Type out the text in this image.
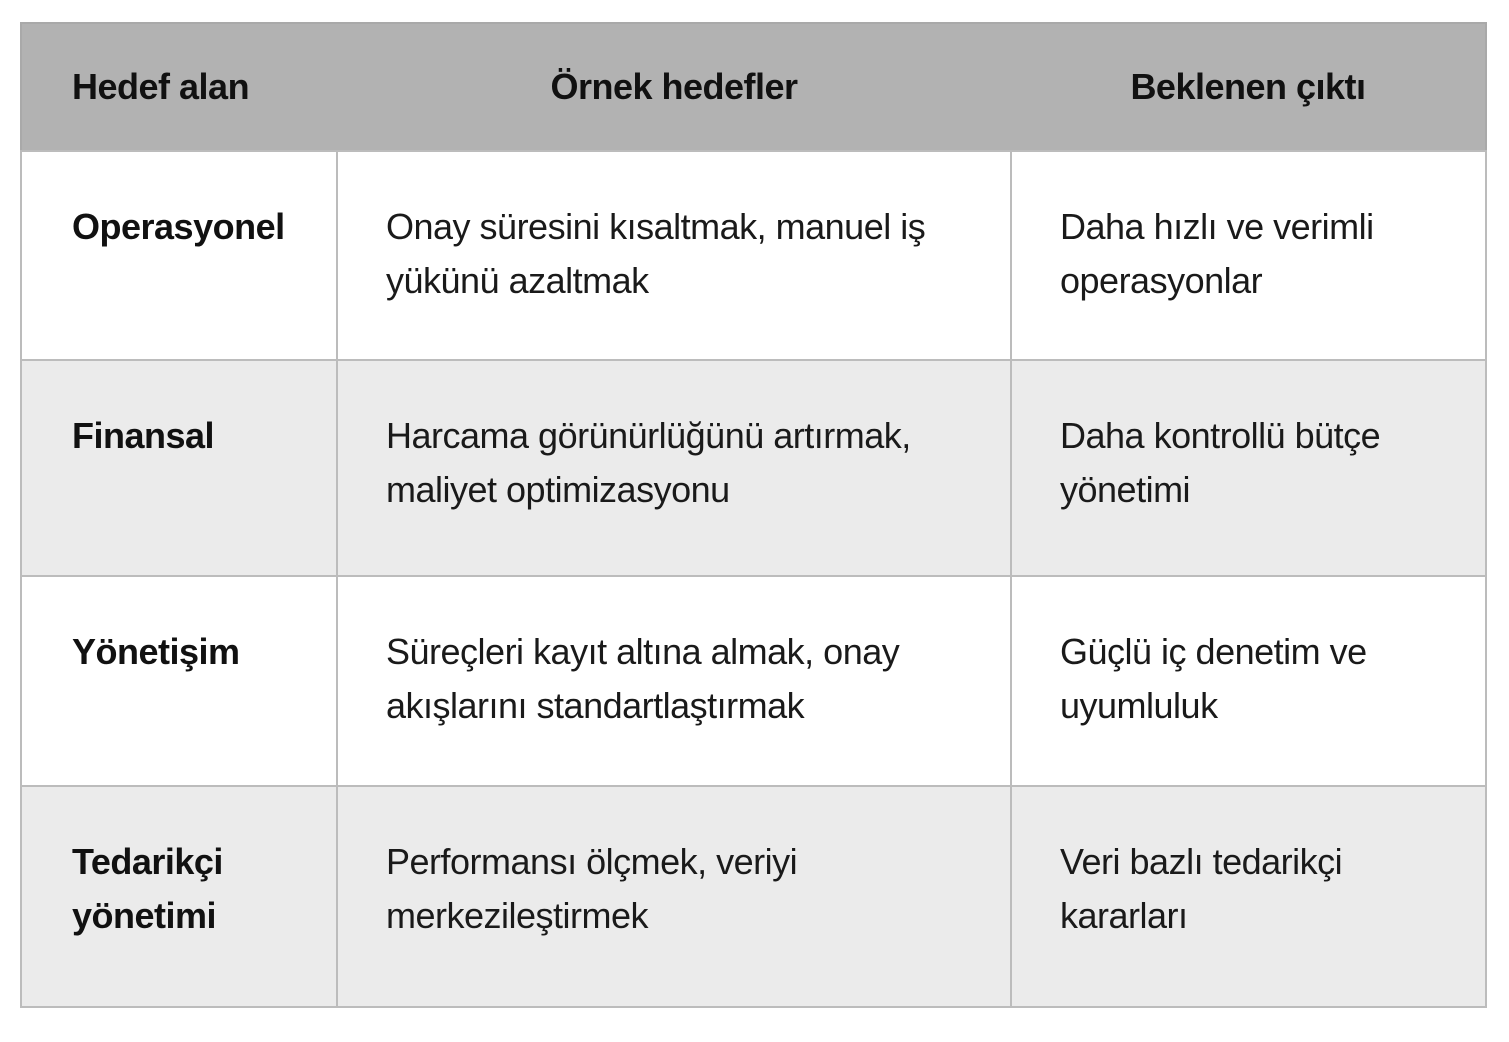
Hedef alan	Örnek hedefler	Beklenen çıktı
Operasyonel	Onay süresini kısaltmak, manuel iş yükünü azaltmak	Daha hızlı ve verimli operasyonlar
Finansal	Harcama görünürlüğünü artırmak, maliyet optimizasyonu	Daha kontrollü bütçe yönetimi
Yönetişim	Süreçleri kayıt altına almak, onay akışlarını standartlaştırmak	Güçlü iç denetim ve uyumluluk
Tedarikçi yönetimi	Performansı ölçmek, veriyi merkezileştirmek	Veri bazlı tedarikçi kararları
